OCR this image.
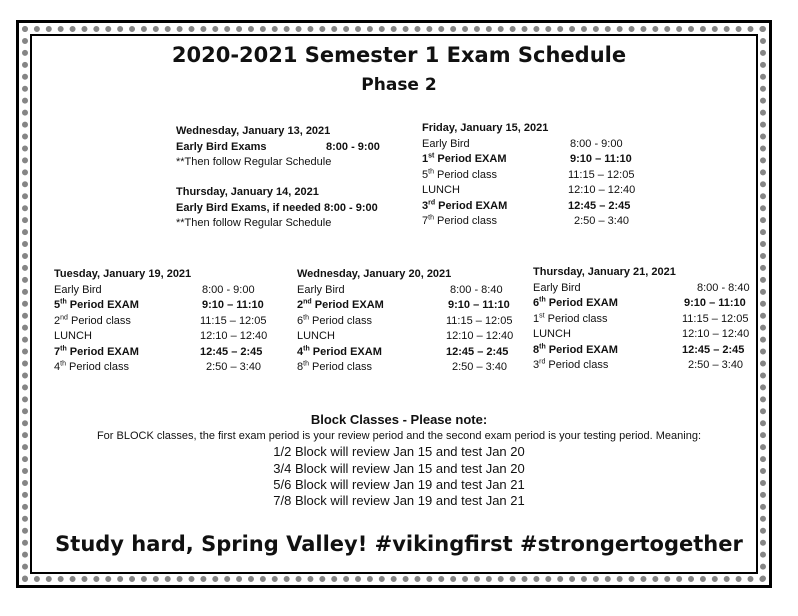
2020-2021 Semester 1 Exam Schedule
Phase 2
Wednesday, January 13, 2021
Early Bird Exams	8:00 - 9:00
**Then follow Regular Schedule
Thursday, January 14, 2021
Early Bird Exams, if needed 8:00 - 9:00
**Then follow Regular Schedule
Friday, January 15, 2021
Early Bird	8:00 - 9:00
1st Period EXAM	9:10 – 11:10
5th Period class	11:15 – 12:05
LUNCH	12:10 – 12:40
3rd Period EXAM	12:45 – 2:45
7th Period class	2:50 – 3:40
Tuesday, January 19, 2021
Early Bird	8:00 - 9:00
5th Period EXAM	9:10 – 11:10
2nd Period class	11:15 – 12:05
LUNCH	12:10 – 12:40
7th Period EXAM	12:45 – 2:45
4th Period class	2:50 – 3:40
Wednesday, January 20, 2021
Early Bird	8:00 - 8:40
2nd Period EXAM	9:10 – 11:10
6th Period class	11:15 – 12:05
LUNCH	12:10 – 12:40
4th Period EXAM	12:45 – 2:45
8th Period class	2:50 – 3:40
Thursday, January 21, 2021
Early Bird	8:00 - 8:40
6th Period EXAM	9:10 – 11:10
1st Period class	11:15 – 12:05
LUNCH	12:10 – 12:40
8th Period EXAM	12:45 – 2:45
3rd Period class	2:50 – 3:40
Block Classes - Please note:
For BLOCK classes, the first exam period is your review period and the second exam period is your testing period. Meaning:
1/2 Block will review Jan 15 and test Jan 20
3/4 Block will review Jan 15 and test Jan 20
5/6 Block will review Jan 19 and test Jan 21
7/8 Block will review Jan 19 and test Jan 21
Study hard, Spring Valley! #vikingfirst #strongertogether
